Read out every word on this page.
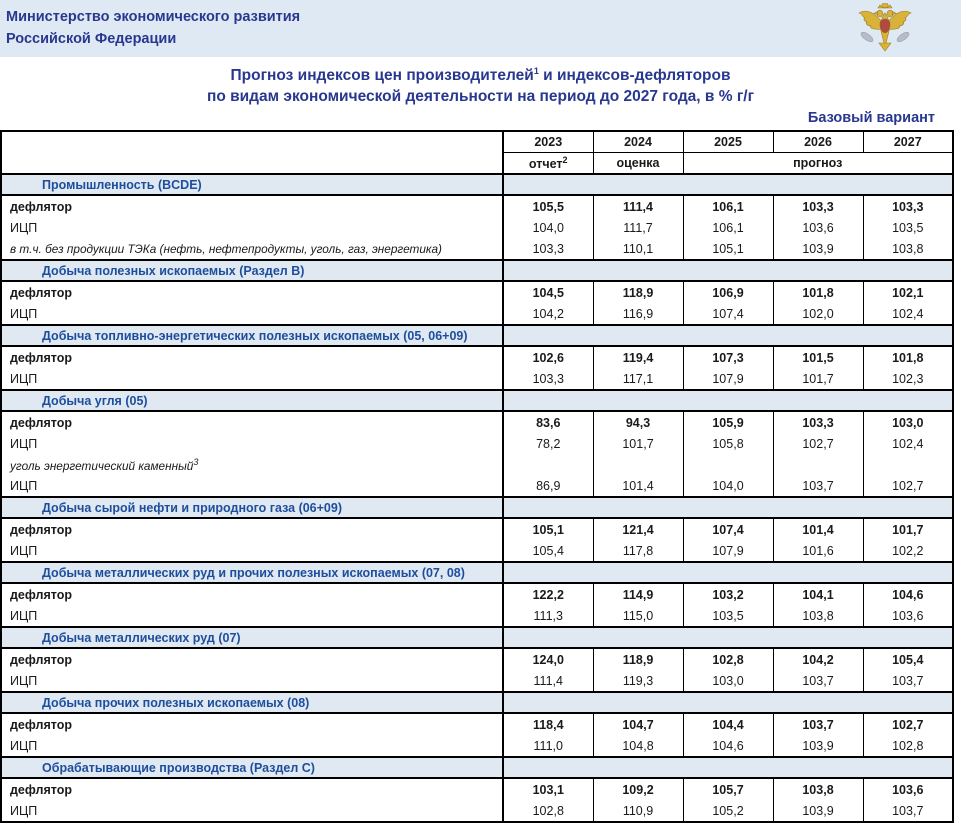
Министерство экономического развития
Российской Федерации
Прогноз индексов цен производителей$^1$ и индексов-дефляторов
по видам экономической деятельности на период до 2027 года, в % г/г
Базовый вариант
	2023	2024	2025	2026	2027
	отчет$^2$	оценка	прогноз		
Промышленность (BCDE)					
дефлятор	105,5	111,4	106,1	103,3	103,3
ИЦП	104,0	111,7	106,1	103,6	103,5
в т.ч. без продукции ТЭКа (нефть, нефтепродукты, уголь, газ, энергетика)	103,3	110,1	105,1	103,9	103,8
Добыча полезных ископаемых (Раздел B)					
дефлятор	104,5	118,9	106,9	101,8	102,1
ИЦП	104,2	116,9	107,4	102,0	102,4
Добыча топливно-энергетических полезных ископаемых (05, 06+09)					
дефлятор	102,6	119,4	107,3	101,5	101,8
ИЦП	103,3	117,1	107,9	101,7	102,3
Добыча угля (05)					
дефлятор	83,6	94,3	105,9	103,3	103,0
ИЦП	78,2	101,7	105,8	102,7	102,4
уголь энергетический каменный$^3$					
ИЦП	86,9	101,4	104,0	103,7	102,7
Добыча сырой нефти и природного газа (06+09)					
дефлятор	105,1	121,4	107,4	101,4	101,7
ИЦП	105,4	117,8	107,9	101,6	102,2
Добыча металлических руд и прочих полезных ископаемых (07, 08)					
дефлятор	122,2	114,9	103,2	104,1	104,6
ИЦП	111,3	115,0	103,5	103,8	103,6
Добыча металлических руд (07)					
дефлятор	124,0	118,9	102,8	104,2	105,4
ИЦП	111,4	119,3	103,0	103,7	103,7
Добыча прочих полезных ископаемых (08)					
дефлятор	118,4	104,7	104,4	103,7	102,7
ИЦП	111,0	104,8	104,6	103,9	102,8
Обрабатывающие производства (Раздел C)					
дефлятор	103,1	109,2	105,7	103,8	103,6
ИЦП	102,8	110,9	105,2	103,9	103,7
